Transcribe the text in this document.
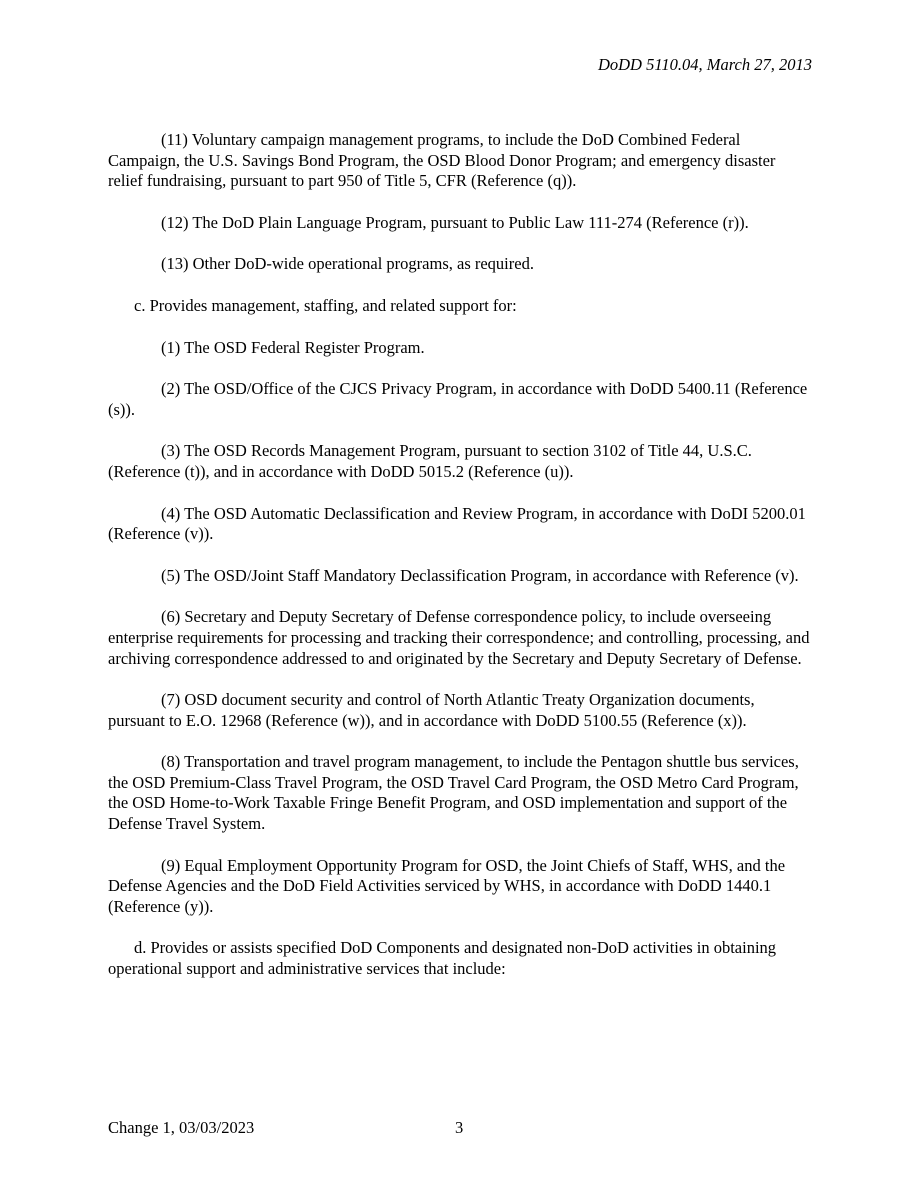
DoDD 5110.04, March 27, 2013

(11) Voluntary campaign management programs, to include the DoD Combined Federal Campaign, the U.S. Savings Bond Program, the OSD Blood Donor Program; and emergency disaster relief fundraising, pursuant to part 950 of Title 5, CFR (Reference (q)).

(12) The DoD Plain Language Program, pursuant to Public Law 111-274 (Reference (r)).

(13) Other DoD-wide operational programs, as required.

c. Provides management, staffing, and related support for:

(1) The OSD Federal Register Program.

(2) The OSD/Office of the CJCS Privacy Program, in accordance with DoDD 5400.11 (Reference (s)).

(3) The OSD Records Management Program, pursuant to section 3102 of Title 44, U.S.C. (Reference (t)), and in accordance with DoDD 5015.2 (Reference (u)).

(4) The OSD Automatic Declassification and Review Program, in accordance with DoDI 5200.01 (Reference (v)).

(5) The OSD/Joint Staff Mandatory Declassification Program, in accordance with Reference (v).

(6) Secretary and Deputy Secretary of Defense correspondence policy, to include overseeing enterprise requirements for processing and tracking their correspondence; and controlling, processing, and archiving correspondence addressed to and originated by the Secretary and Deputy Secretary of Defense.

(7) OSD document security and control of North Atlantic Treaty Organization documents, pursuant to E.O. 12968 (Reference (w)), and in accordance with DoDD 5100.55 (Reference (x)).

(8) Transportation and travel program management, to include the Pentagon shuttle bus services, the OSD Premium-Class Travel Program, the OSD Travel Card Program, the OSD Metro Card Program, the OSD Home-to-Work Taxable Fringe Benefit Program, and OSD implementation and support of the Defense Travel System.

(9) Equal Employment Opportunity Program for OSD, the Joint Chiefs of Staff, WHS, and the Defense Agencies and the DoD Field Activities serviced by WHS, in accordance with DoDD 1440.1 (Reference (y)).

d. Provides or assists specified DoD Components and designated non-DoD activities in obtaining operational support and administrative services that include:

Change 1, 03/03/2023	3
